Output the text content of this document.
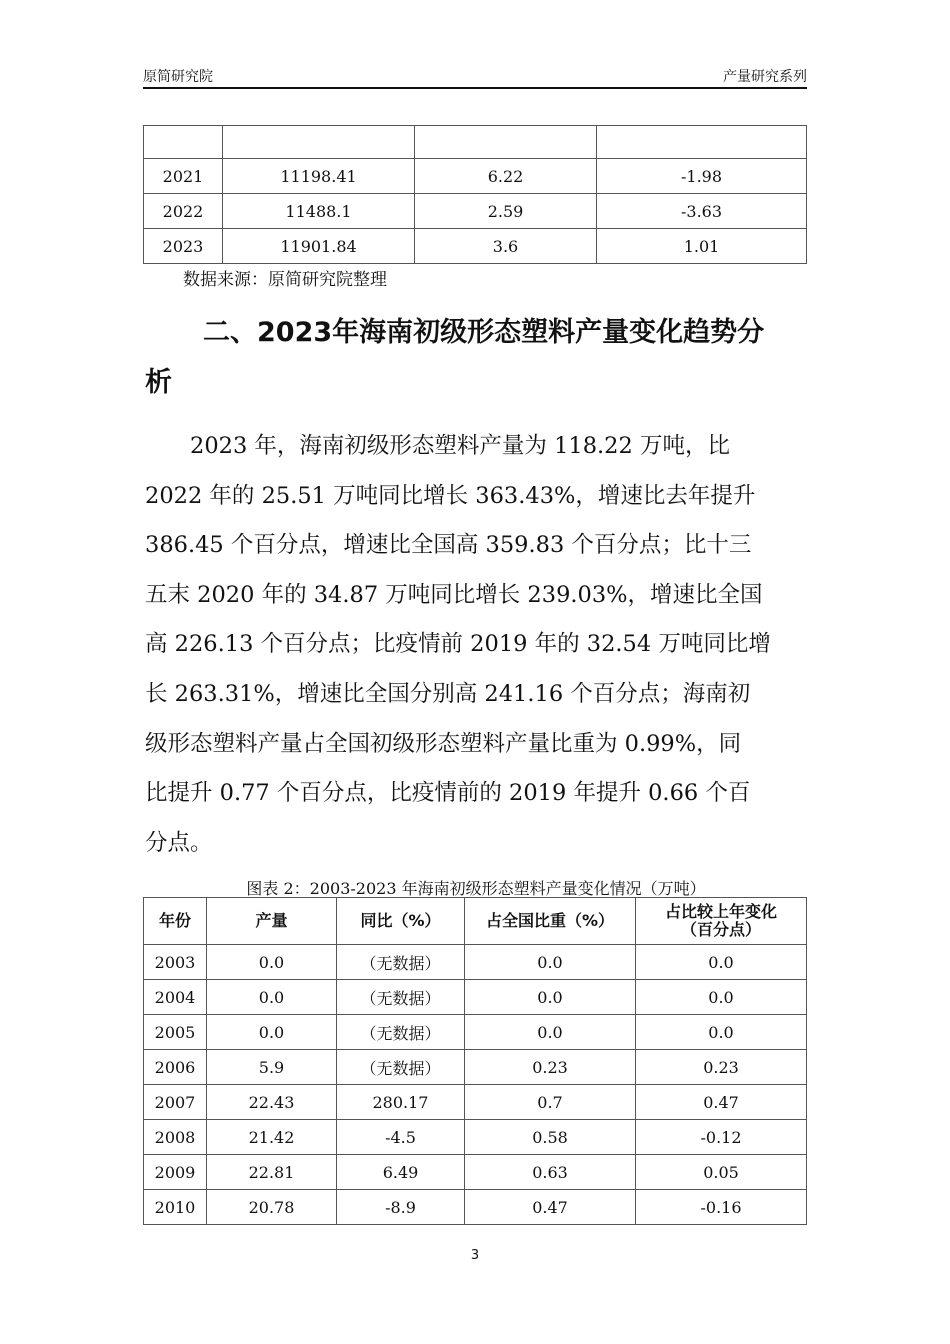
原简研究院	产量研究系列

2021	11198.41	6.22	-1.98
2022	11488.1	2.59	-3.63
2023	11901.84	3.6	1.01
数据来源：原简研究院整理
二、2023年海南初级形态塑料产量变化趋势分
析
　　2023 年，海南初级形态塑料产量为 118.22 万吨，比
2022 年的 25.51 万吨同比增长 363.43%，增速比去年提升
386.45 个百分点，增速比全国高 359.83 个百分点；比十三
五末 2020 年的 34.87 万吨同比增长 239.03%，增速比全国
高 226.13 个百分点；比疫情前 2019 年的 32.54 万吨同比增
长 263.31%，增速比全国分别高 241.16 个百分点；海南初
级形态塑料产量占全国初级形态塑料产量比重为 0.99%，同
比提升 0.77 个百分点，比疫情前的 2019 年提升 0.66 个百
分点。
图表 2：2003-2023 年海南初级形态塑料产量变化情况（万吨）
年份	产量	同比（%）	占全国比重（%）	占比较上年变化
（百分点）
2003	0.0	（无数据）	0.0	0.0
2004	0.0	（无数据）	0.0	0.0
2005	0.0	（无数据）	0.0	0.0
2006	5.9	（无数据）	0.23	0.23
2007	22.43	280.17	0.7	0.47
2008	21.42	-4.5	0.58	-0.12
2009	22.81	6.49	0.63	0.05
2010	20.78	-8.9	0.47	-0.16
3
